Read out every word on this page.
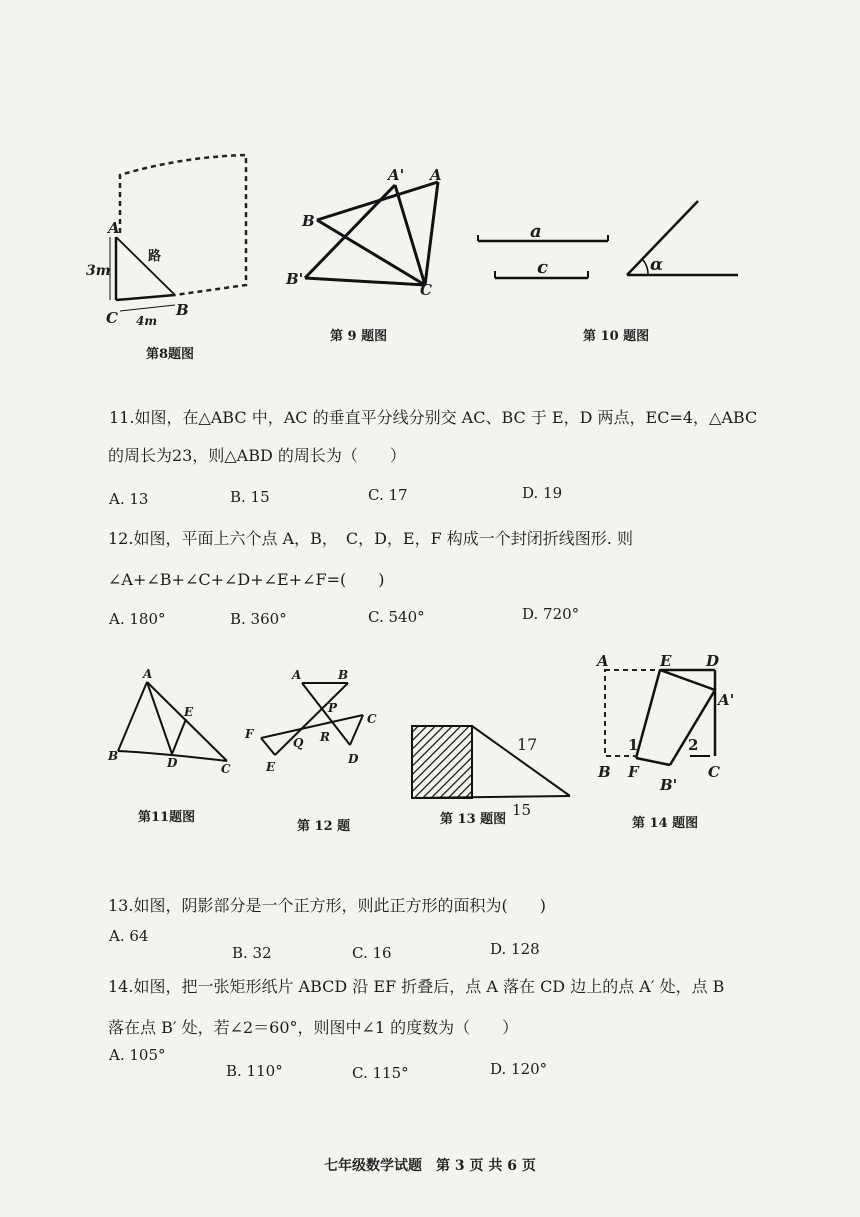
A
C	B
3m
4m
路
第8题图
A' A
B
B'
C
第 9 题图
a
c	α
第 10 题图
11.如图，在△ABC 中，AC 的垂直平分线分别交 AC、BC 于 E，D 两点，EC=4，△ABC
的周长为23，则△ABD 的周长为（　　）
A. 13	B. 15	C. 17	D. 19
12.如图，平面上六个点 A，B，　C，D，E，F 构成一个封闭折线图形. 则
∠A+∠B+∠C+∠D+∠E+∠F=(　　)
A. 180°	B. 360°	C. 540°	D. 720°
A
E
B	D	C
第11题图
A	B
P
C
F
Q R
E
D
第 12 题
17
15
第 13 题图
A	E D
A'
1	2
B F
B'
C
第 14 题图
13.如图，阴影部分是一个正方形，则此正方形的面积为(　　)
A. 64
B. 32	C. 16	D. 128
14.如图，把一张矩形纸片 ABCD 沿 EF 折叠后，点 A 落在 CD 边上的点 A′ 处，点 B
落在点 B′ 处，若∠2＝60°，则图中∠1 的度数为（　　）
A. 105°
B. 110°	C. 115°	D. 120°
七年级数学试题　第 3 页 共 6 页
